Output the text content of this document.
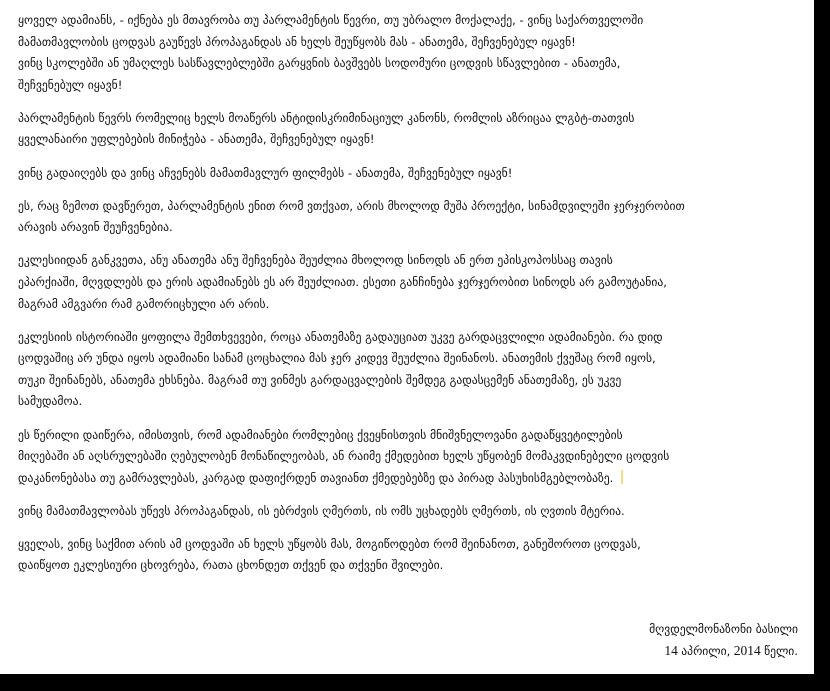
ყოველ ადამიანს, - იქნება ეს მთავრობა თუ პარლამენტის წევრი, თუ უბრალო მოქალაქე, - ვინც საქართველოში
მამათმავლობის ცოდვას გაუწევს პროპაგანდას ან ხელს შეუწყობს მას - ანათემა, შეჩვენებულ იყავნ!
ვინც სკოლებში ან უმაღლეს სასწავლებლებში გარყვნის ბავშვებს სოდომური ცოდვის სწავლებით - ანათემა,
შეჩვენებულ იყავნ!
პარლამენტის წევრს რომელიც ხელს მოაწერს ანტიდისკრიმინაციულ კანონს, რომლის აზრიცაა ლგბტ-თათვის
ყველანაირი უფლებების მინიჭება - ანათემა, შეჩვენებულ იყავნ!
ვინც გადაიღებს და ვინც აჩვენებს მამათმავლურ ფილმებს - ანათემა, შეჩვენებულ იყავნ!
ეს, რაც ზემოთ დავწერეთ, პარლამენტის ენით რომ ვთქვათ, არის მხოლოდ მუშა პროექტი, სინამდვილეში ჯერჯერობით
არავის არავინ შეუჩვენებია.
ეკლესიიდან განკვეთა, ანუ ანათემა ანუ შეჩვენება შეუძლია მხოლოდ სინოდს ან ერთ ეპისკოპოსსაც თავის
ეპარქიაში, მღვდლებს და ერის ადამიანებს ეს არ შეუძლიათ. ესეთი განჩინება ჯერჯერობით სინოდს არ გამოუტანია,
მაგრამ ამგვარი რამ გამორიცხული არ არის.
ეკლესიის ისტორიაში ყოფილა შემთხვევები, როცა ანათემაზე გადაუციათ უკვე გარდაცვლილი ადამიანები. რა დიდ
ცოდვაშიც არ უნდა იყოს ადამიანი სანამ ცოცხალია მას ჯერ კიდევ შეუძლია შეინანოს. ანათემის ქვეშაც რომ იყოს,
თუკი შეინანებს, ანათემა ეხსნება. მაგრამ თუ ვინმეს გარდაცვალების შემდეგ გადასცემენ ანათემაზე, ეს უკვე
სამუდამოა.
ეს წერილი დაიწერა, იმისთვის, რომ ადამიანები რომლებიც ქვეყნისთვის მნიშვნელოვანი გადაწყვეტილების
მიღებაში ან აღსრულებაში ღებულობენ მონაწილეობას, ან რაიმე ქმედებით ხელს უწყობენ მომაკვდინებელი ცოდვის
დაკანონებასა თუ გამრავლებას, კარგად დაფიქრდენ თავიანთ ქმედებებზე და პირად პასუხისმგებლობაზე.
ვინც მამათმავლობას უწევს პროპაგანდას, ის ებრძვის ღმერთს, ის ომს უცხადებს ღმერთს, ის ღვთის მტერია.
ყველას, ვინც საქმით არის ამ ცოდვაში ან ხელს უწყობს მას, მოგიწოდებთ რომ შეინანოთ, განეშოროთ ცოდვას,
დაიწყოთ ეკლესიური ცხოვრება, რათა ცხონდეთ თქვენ და თქვენი შვილები.
მღვდელმონაზონი ბასილი
14 აპრილი, 2014 წელი.
